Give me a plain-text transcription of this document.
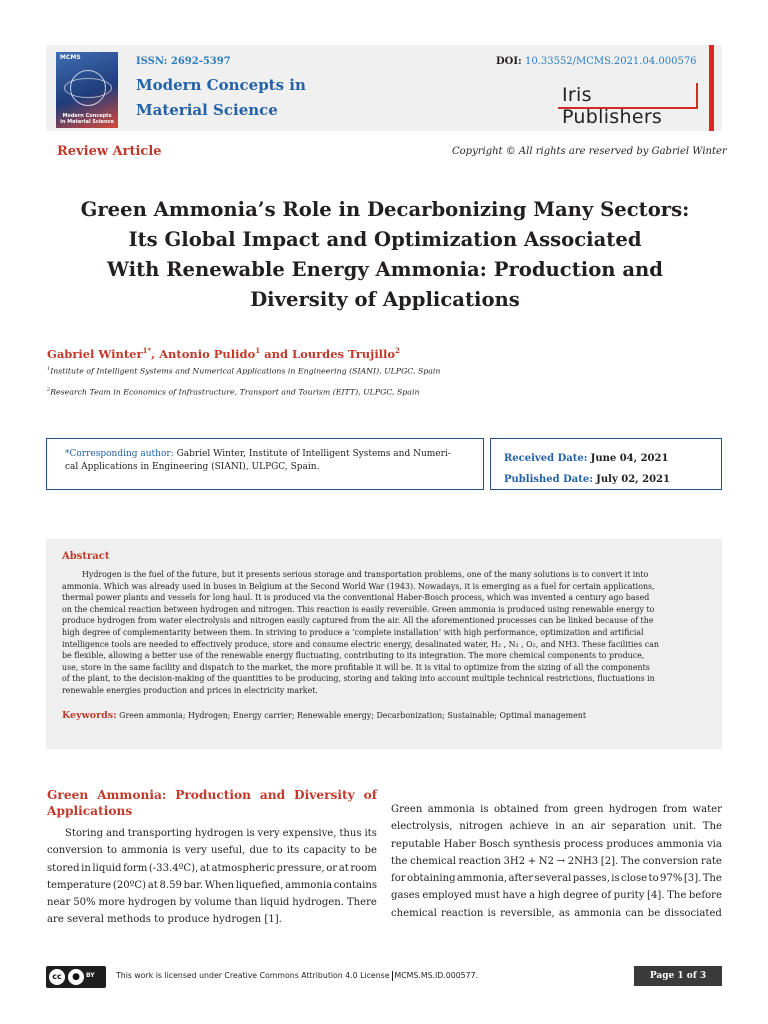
MCMS
Modern Concepts in Material Science
ISSN: 2692-5397
Modern Concepts in
Material Science
DOI: 10.33552/MCMS.2021.04.000576
Iris Publishers
Review Article	Copyright © All rights are reserved by Gabriel Winter
Green Ammonia’s Role in Decarbonizing Many Sectors:
Its Global Impact and Optimization Associated
With Renewable Energy Ammonia: Production and
Diversity of Applications
Gabriel Winter$^{1*}$, Antonio Pulido$^1$ and Lourdes Trujillo$^2$
$^1$Institute of Intelligent Systems and Numerical Applications in Engineering (SIANI), ULPGC, Spain
$^2$Research Team in Economics of Infrastructure, Transport and Tourism (EITT), ULPGC, Spain
*Corresponding author: Gabriel Winter, Institute of Intelligent Systems and Numeri-
cal Applications in Engineering (SIANI), ULPGC, Spain.
Received Date: June 04, 2021
Published Date: July 02, 2021
Abstract
Hydrogen is the fuel of the future, but it presents serious storage and transportation problems, one of the many solutions is to convert it into
ammonia. Which was already used in buses in Belgium at the Second World War (1943). Nowadays, it is emerging as a fuel for certain applications,
thermal power plants and vessels for long haul. It is produced via the conventional Haber-Bosch process, which was invented a century ago based
on the chemical reaction between hydrogen and nitrogen. This reaction is easily reversible. Green ammonia is produced using renewable energy to
produce hydrogen from water electrolysis and nitrogen easily captured from the air. All the aforementioned processes can be linked because of the
high degree of complementarity between them. In striving to produce a ‘complete installation’ with high performance, optimization and artificial
intelligence tools are needed to effectively produce, store and consume electric energy, desalinated water, H₂ , N₂ , O₂, and NH3. These facilities can
be flexible, allowing a better use of the renewable energy fluctuating, contributing to its integration. The more chemical components to produce,
use, store in the same facility and dispatch to the market, the more profitable it will be. It is vital to optimize from the sizing of all the components
of the plant, to the decision-making of the quantities to be producing, storing and taking into account multiple technical restrictions, fluctuations in
renewable energies production and prices in electricity market.
Keywords: Green ammonia; Hydrogen; Energy carrier; Renewable energy; Decarbonization; Sustainable; Optimal management
Green Ammonia: Production and Diversity of
Applications
Storing and transporting hydrogen is very expensive, thus its
conversion to ammonia is very useful, due to its capacity to be
stored in liquid form (-33.4ºC), at atmospheric pressure, or at room
temperature (20ºC) at 8.59 bar. When liquefied, ammonia contains
near 50% more hydrogen by volume than liquid hydrogen. There
are several methods to produce hydrogen [1].
Green ammonia is obtained from green hydrogen from water
electrolysis, nitrogen achieve in an air separation unit. The
reputable Haber Bosch synthesis process produces ammonia via
the chemical reaction 3H2 + N2 → 2NH3 [2]. The conversion rate
for obtaining ammonia, after several passes, is close to 97% [3]. The
gases employed must have a high degree of purity [4]. The before
chemical reaction is reversible, as ammonia can be dissociated
cc	●	BY	This work is licensed under Creative Commons Attribution 4.0 License MCMS.MS.ID.000577.	Page 1 of 3
